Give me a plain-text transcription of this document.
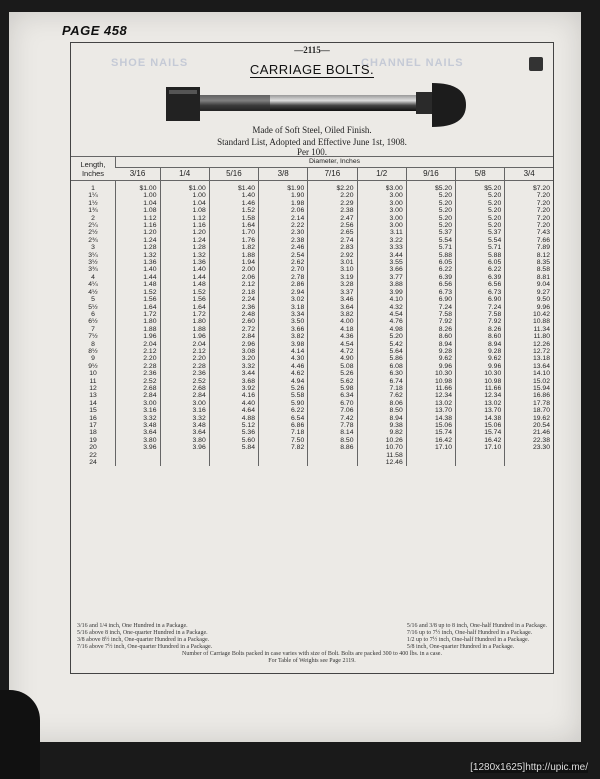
PAGE 458
SHOE NAILS	CHANNEL NAILS
—2115—
CARRIAGE BOLTS.
Made of Soft Steel, Oiled Finish.
Standard List, Adopted and Effective June 1st, 1908.
Per 100.
Length, Inches	Diameter, Inches								
	3/16	1/4	5/16	3/8	7/16	1/2	9/16	5/8	3/4
1	$1.00	$1.00	$1.40	$1.90	$2.20	$3.00	$5.20	$5.20	$7.20
1¼	1.00	1.00	1.40	1.90	2.20	3.00	5.20	5.20	7.20
1½	1.04	1.04	1.46	1.98	2.29	3.00	5.20	5.20	7.20
1¾	1.08	1.08	1.52	2.06	2.38	3.00	5.20	5.20	7.20
2	1.12	1.12	1.58	2.14	2.47	3.00	5.20	5.20	7.20
2¼	1.16	1.16	1.64	2.22	2.56	3.00	5.20	5.20	7.20
2½	1.20	1.20	1.70	2.30	2.65	3.11	5.37	5.37	7.43
2¾	1.24	1.24	1.76	2.38	2.74	3.22	5.54	5.54	7.66
3	1.28	1.28	1.82	2.46	2.83	3.33	5.71	5.71	7.89
3¼	1.32	1.32	1.88	2.54	2.92	3.44	5.88	5.88	8.12
3½	1.36	1.36	1.94	2.62	3.01	3.55	6.05	6.05	8.35
3¾	1.40	1.40	2.00	2.70	3.10	3.66	6.22	6.22	8.58
4	1.44	1.44	2.06	2.78	3.19	3.77	6.39	6.39	8.81
4¼	1.48	1.48	2.12	2.86	3.28	3.88	6.56	6.56	9.04
4½	1.52	1.52	2.18	2.94	3.37	3.99	6.73	6.73	9.27
5	1.56	1.56	2.24	3.02	3.46	4.10	6.90	6.90	9.50
5½	1.64	1.64	2.36	3.18	3.64	4.32	7.24	7.24	9.96
6	1.72	1.72	2.48	3.34	3.82	4.54	7.58	7.58	10.42
6½	1.80	1.80	2.60	3.50	4.00	4.76	7.92	7.92	10.88
7	1.88	1.88	2.72	3.66	4.18	4.98	8.26	8.26	11.34
7½	1.96	1.96	2.84	3.82	4.36	5.20	8.60	8.60	11.80
8	2.04	2.04	2.96	3.98	4.54	5.42	8.94	8.94	12.26
8½	2.12	2.12	3.08	4.14	4.72	5.64	9.28	9.28	12.72
9	2.20	2.20	3.20	4.30	4.90	5.86	9.62	9.62	13.18
9½	2.28	2.28	3.32	4.46	5.08	6.08	9.96	9.96	13.64
10	2.36	2.36	3.44	4.62	5.26	6.30	10.30	10.30	14.10
11	2.52	2.52	3.68	4.94	5.62	6.74	10.98	10.98	15.02
12	2.68	2.68	3.92	5.26	5.98	7.18	11.66	11.66	15.94
13	2.84	2.84	4.16	5.58	6.34	7.62	12.34	12.34	16.86
14	3.00	3.00	4.40	5.90	6.70	8.06	13.02	13.02	17.78
15	3.16	3.16	4.64	6.22	7.06	8.50	13.70	13.70	18.70
16	3.32	3.32	4.88	6.54	7.42	8.94	14.38	14.38	19.62
17	3.48	3.48	5.12	6.86	7.78	9.38	15.06	15.06	20.54
18	3.64	3.64	5.36	7.18	8.14	9.82	15.74	15.74	21.46
19	3.80	3.80	5.60	7.50	8.50	10.26	16.42	16.42	22.38
20	3.96	3.96	5.84	7.82	8.86	10.70	17.10	17.10	23.30
22						11.58			
24						12.46			
3/16 and 1/4 inch, One Hundred in a Package.
5/16 above 8 inch, One-quarter Hundred in a Package.
3/8 above 8½ inch, One-quarter Hundred in a Package.
7/16 above 7½ inch, One-quarter Hundred in a Package.
5/16 and 3/8 up to 8 inch, One-half Hundred in a Package.
7/16 up to 7½ inch, One-half Hundred in a Package.
1/2 up to 7½ inch, One-half Hundred in a Package.
5/8 inch, One-quarter Hundred in a Package.
Number of Carriage Bolts packed in case varies with size of Bolt. Bolts are packed 300 to 400 lbs. in a case.
For Table of Weights see Page 2119.
[1280x1625]http://upic.me/
